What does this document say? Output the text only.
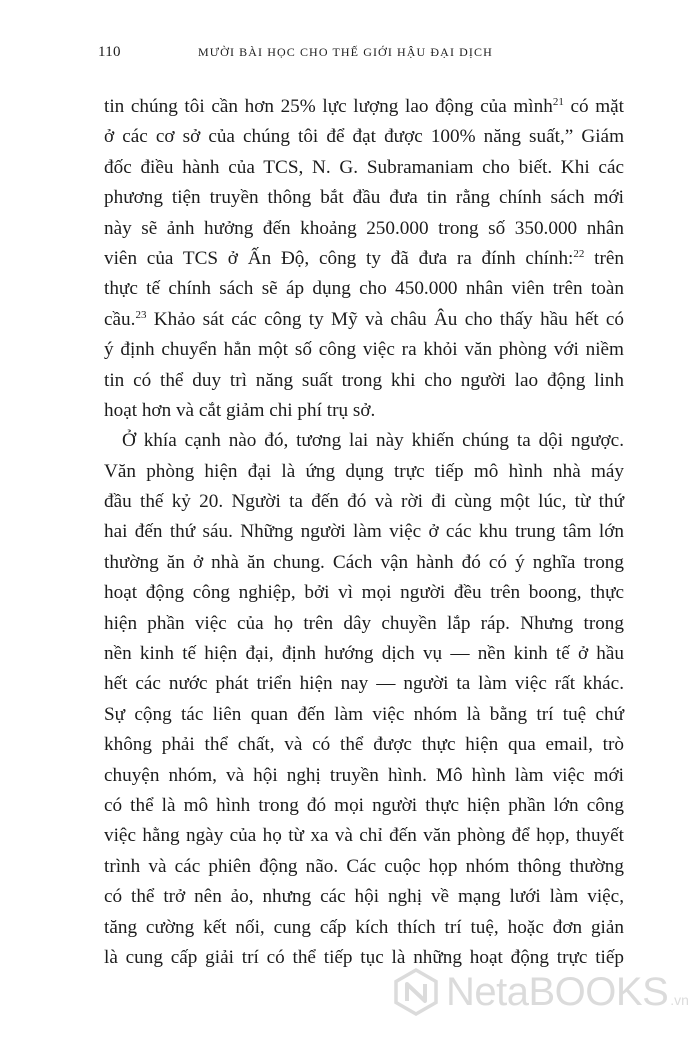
110	MƯỜI BÀI HỌC CHO THẾ GIỚI HẬU ĐẠI DỊCH

tin chúng tôi cần hơn 25% lực lượng lao động của mình$^{21}$ có mặt
ở các cơ sở của chúng tôi để đạt được 100% năng suất,” Giám
đốc điều hành của TCS, N. G. Subramaniam cho biết. Khi các
phương tiện truyền thông bắt đầu đưa tin rằng chính sách mới
này sẽ ảnh hưởng đến khoảng 250.000 trong số 350.000 nhân
viên của TCS ở Ấn Độ, công ty đã đưa ra đính chính:$^{22}$ trên
thực tế chính sách sẽ áp dụng cho 450.000 nhân viên trên toàn
cầu.$^{23}$ Khảo sát các công ty Mỹ và châu Âu cho thấy hầu hết có
ý định chuyển hẳn một số công việc ra khỏi văn phòng với niềm
tin có thể duy trì năng suất trong khi cho người lao động linh
hoạt hơn và cắt giảm chi phí trụ sở.

Ở khía cạnh nào đó, tương lai này khiến chúng ta dội ngược.
Văn phòng hiện đại là ứng dụng trực tiếp mô hình nhà máy
đầu thế kỷ 20. Người ta đến đó và rời đi cùng một lúc, từ thứ
hai đến thứ sáu. Những người làm việc ở các khu trung tâm lớn
thường ăn ở nhà ăn chung. Cách vận hành đó có ý nghĩa trong
hoạt động công nghiệp, bởi vì mọi người đều trên boong, thực
hiện phần việc của họ trên dây chuyền lắp ráp. Nhưng trong
nền kinh tế hiện đại, định hướng dịch vụ — nền kinh tế ở hầu
hết các nước phát triển hiện nay — người ta làm việc rất khác.
Sự cộng tác liên quan đến làm việc nhóm là bằng trí tuệ chứ
không phải thể chất, và có thể được thực hiện qua email, trò
chuyện nhóm, và hội nghị truyền hình. Mô hình làm việc mới
có thể là mô hình trong đó mọi người thực hiện phần lớn công
việc hằng ngày của họ từ xa và chỉ đến văn phòng để họp, thuyết
trình và các phiên động não. Các cuộc họp nhóm thông thường
có thể trở nên ảo, nhưng các hội nghị về mạng lưới làm việc,
tăng cường kết nối, cung cấp kích thích trí tuệ, hoặc đơn giản
là cung cấp giải trí có thể tiếp tục là những hoạt động trực tiếp

NetaBOOKS .vn
